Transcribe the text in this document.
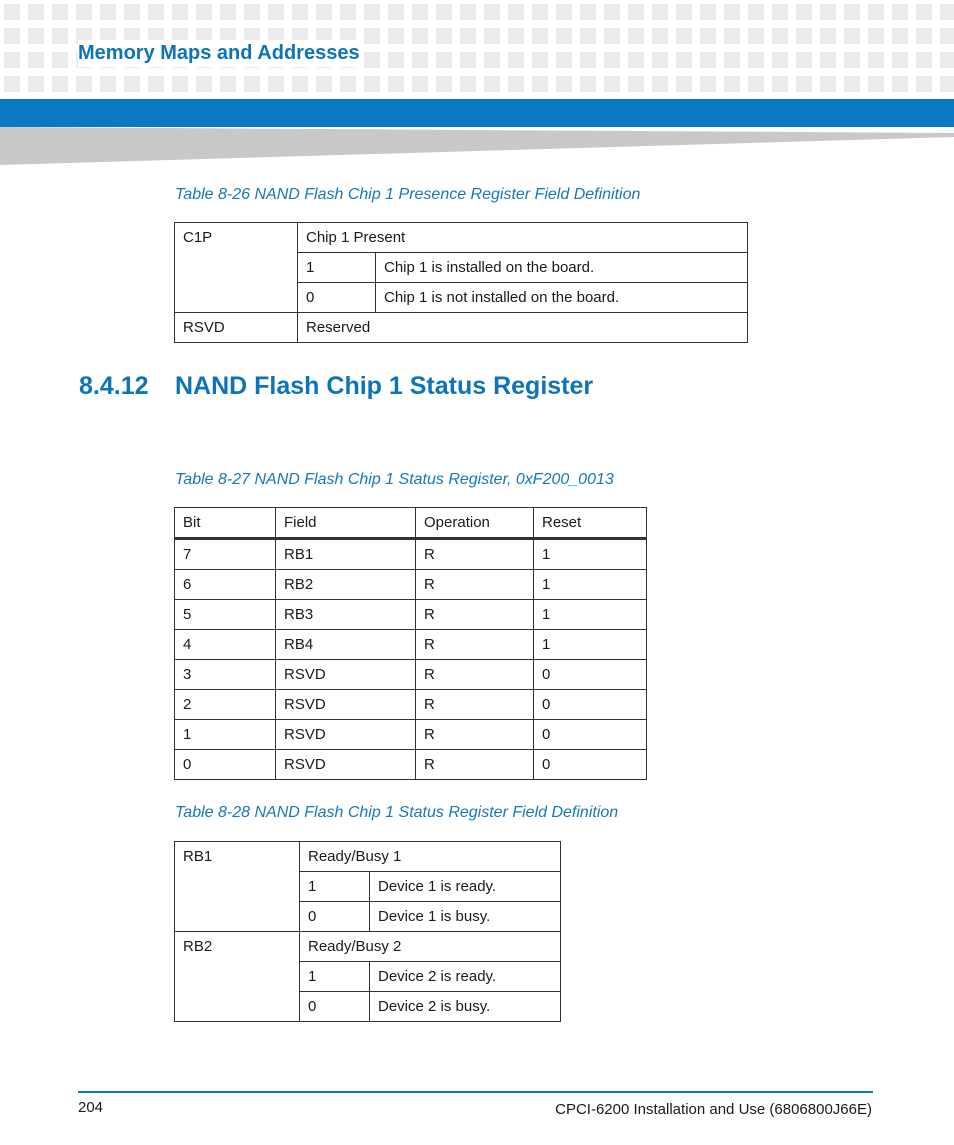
Memory Maps and Addresses
Table 8-26 NAND Flash Chip 1 Presence Register Field Definition
C1P	Chip 1 Present	
	1	Chip 1 is installed on the board.
	0	Chip 1 is not installed on the board.
RSVD	Reserved	
8.4.12 NAND Flash Chip 1 Status Register
Table 8-27 NAND Flash Chip 1 Status Register, 0xF200_0013
Bit	Field	Operation	Reset
7	RB1	R	1
6	RB2	R	1
5	RB3	R	1
4	RB4	R	1
3	RSVD	R	0
2	RSVD	R	0
1	RSVD	R	0
0	RSVD	R	0
Table 8-28 NAND Flash Chip 1 Status Register Field Definition
RB1	Ready/Busy 1	
	1	Device 1 is ready.
	0	Device 1 is busy.
RB2	Ready/Busy 2	
	1	Device 2 is ready.
	0	Device 2 is busy.
204	CPCI-6200 Installation and Use (6806800J66E)
